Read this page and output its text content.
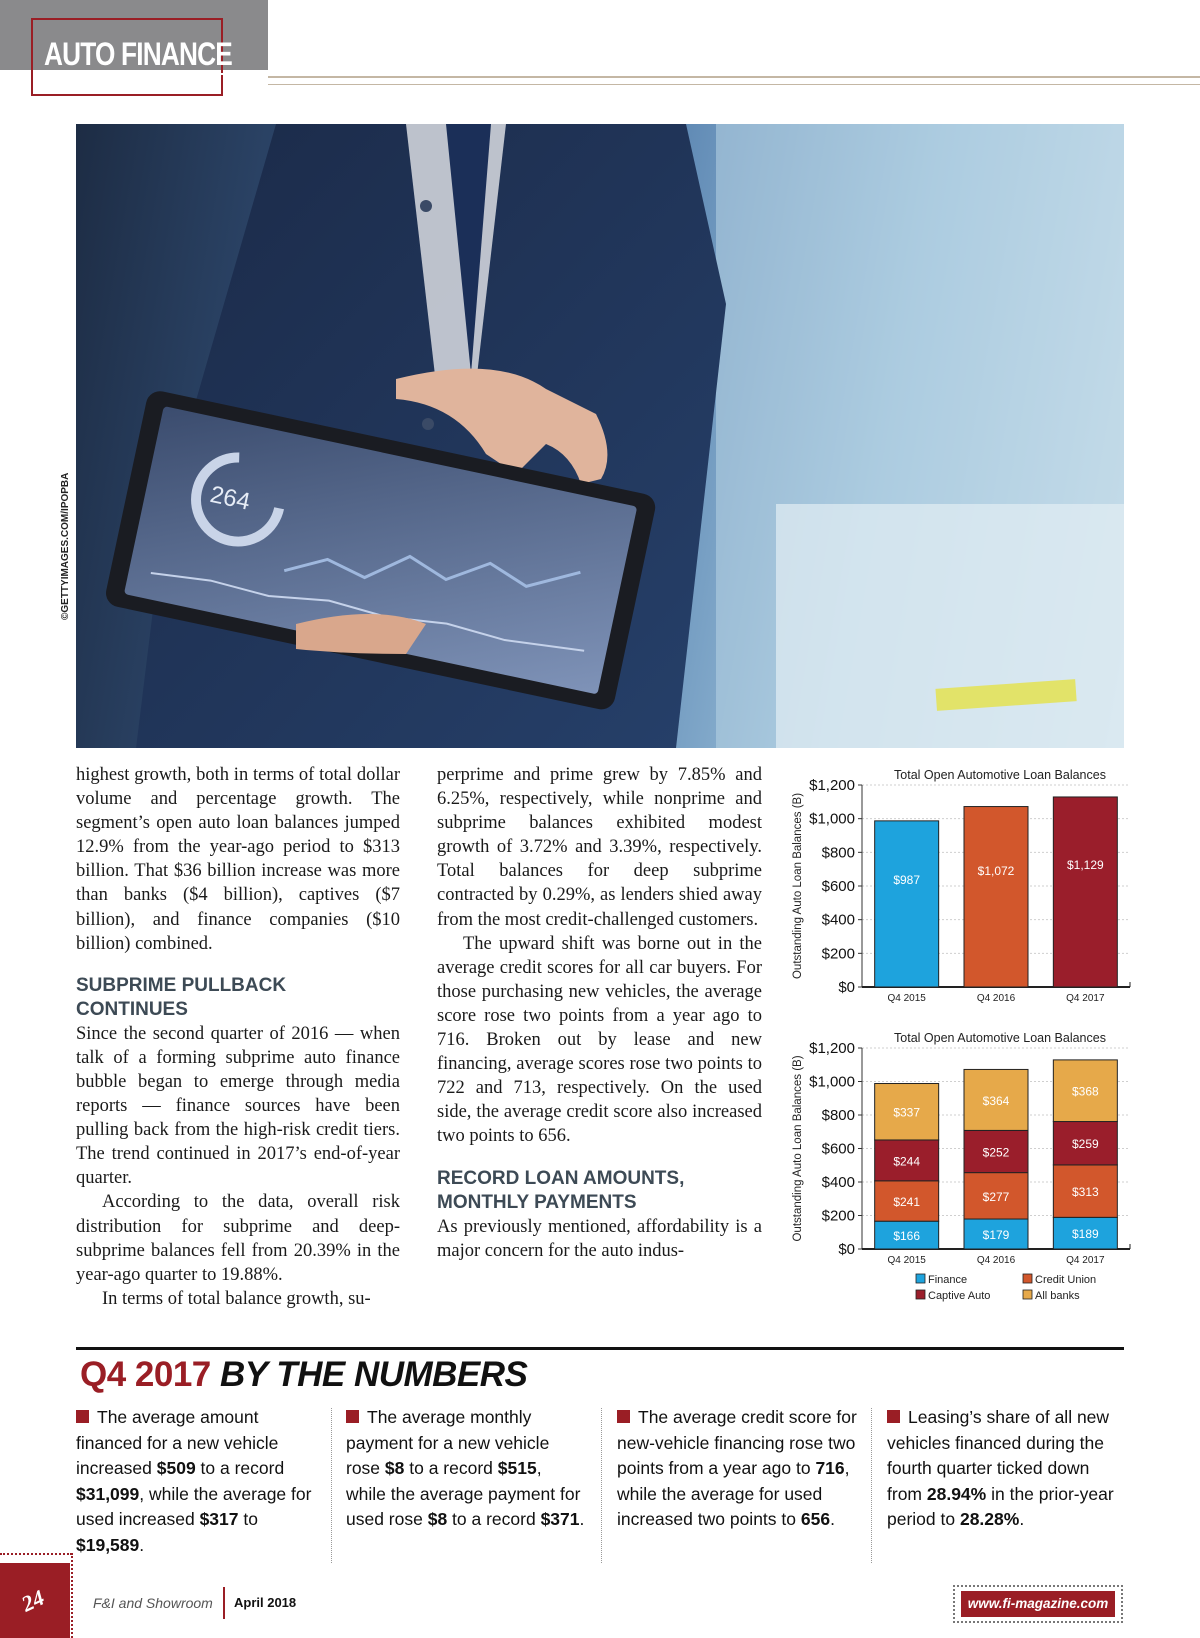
AUTO FINANCE
264
©GETTYIMAGES.COM/IPOPBA

highest growth, both in terms of total dollar volume and percentage growth. The segment’s open auto loan balances jumped 12.9% from the year-ago period to $313 billion. That $36 billion increase was more than banks ($4 billion), captives ($7 billion), and finance companies ($10 billion) combined.

SUBPRIME PULLBACK CONTINUES

Since the second quarter of 2016 — when talk of a forming subprime auto finance bubble began to emerge through media reports — finance sources have been pulling back from the high-risk credit tiers. The trend continued in 2017’s end-of-year quarter.

According to the data, overall risk distribution for subprime and deep-subprime balances fell from 20.39% in the year-ago quarter to 19.88%.

In terms of total balance growth, su-

perprime and prime grew by 7.85% and 6.25%, respectively, while nonprime and subprime balances exhibited modest growth of 3.72% and 3.39%, respectively. Total balances for deep subprime contracted by 0.29%, as lenders shied away from the most credit-challenged customers.

The upward shift was borne out in the average credit scores for all car buyers. For those purchasing new vehicles, the average score rose two points from a year ago to 716. Broken out by lease and new financing, average scores rose two points to 722 and 713, respectively. On the used side, the average credit score also increased two points to 656.

RECORD LOAN AMOUNTS, MONTHLY PAYMENTS

As previously mentioned, affordability is a major concern for the auto indus-

Total Open Automotive Loan Balances
Outstanding Auto Loan Balances (B)
$0
$200
$400
$600
$800
$1,000
$1,200
Q4 2015
$987
Q4 2016
$1,072
Q4 2017
$1,129
Total Open Automotive Loan Balances
Outstanding Auto Loan Balances (B)
$0
$200
$400
$600
$800
$1,000
$1,200
Q4 2015
$166
$241
$244
$337
Q4 2016
$179
$277
$252
$364
Q4 2017
$189
$313
$259
$368
Finance	Credit Union
Captive Auto	All banks
Q4 2017 BY THE NUMBERS
The average amount financed for a new vehicle increased $509 to a record $31,099, while the average for used increased $317 to $19,589.
The average monthly payment for a new vehicle rose $8 to a record $515, while the average payment for used rose $8 to a record $371.
The average credit score for new-vehicle financing rose two points from a year ago to 716, while the average for used increased two points to 656.
Leasing’s share of all new vehicles financed during the fourth quarter ticked down from 28.94% in the prior-year period to 28.28%.
24	F&I and Showroom April 2018	www.fi-magazine.com
